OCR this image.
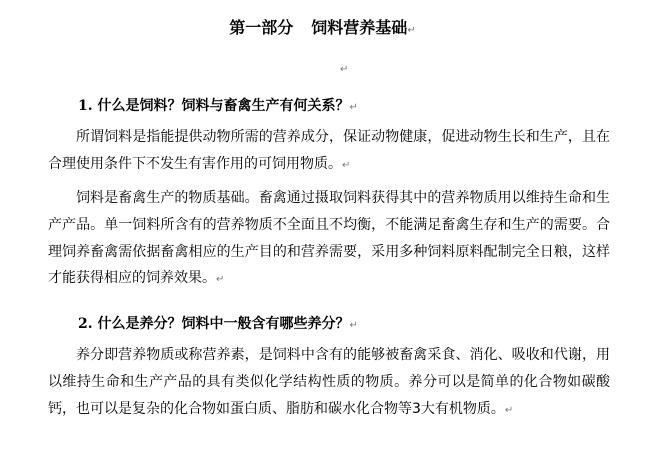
第一部分 饲料营养基础↵
↵
1. 什么是饲料？饲料与畜禽生产有何关系？↵

所谓饲料是指能提供动物所需的营养成分，保证动物健康，促进动物生长和生产，且在合理使用条件下不发生有害作用的可饲用物质。↵

饲料是畜禽生产的物质基础。畜禽通过摄取饲料获得其中的营养物质用以维持生命和生产产品。单一饲料所含有的营养物质不全面且不均衡，不能满足畜禽生存和生产的需要。合理饲养畜禽需依据畜禽相应的生产目的和营养需要，采用多种饲料原料配制完全日粮，这样才能获得相应的饲养效果。↵

2. 什么是养分？饲料中一般含有哪些养分？↵

养分即营养物质或称营养素，是饲料中含有的能够被畜禽采食、消化、吸收和代谢，用以维持生命和生产产品的具有类似化学结构性质的物质。养分可以是简单的化合物如碳酸钙，也可以是复杂的化合物如蛋白质、脂肪和碳水化合物等3大有机物质。↵
